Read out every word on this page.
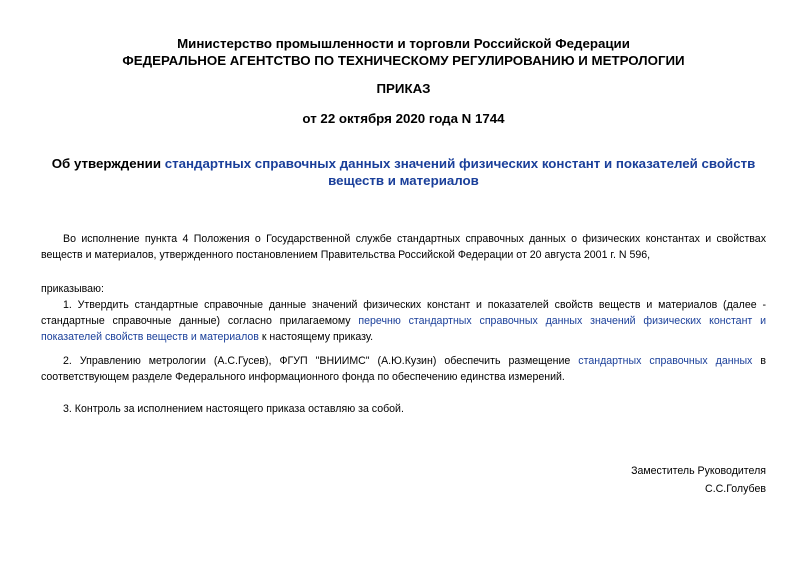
Министерство промышленности и торговли Российской Федерации
ФЕДЕРАЛЬНОЕ АГЕНТСТВО ПО ТЕХНИЧЕСКОМУ РЕГУЛИРОВАНИЮ И МЕТРОЛОГИИ
ПРИКАЗ
от 22 октября 2020 года N 1744
Об утверждении стандартных справочных данных значений физических констант и показателей свойств веществ и материалов
Во исполнение пункта 4 Положения о Государственной службе стандартных справочных данных о физических константах и свойствах веществ и материалов, утвержденного постановлением Правительства Российской Федерации от 20 августа 2001 г. N 596,
приказываю:
1. Утвердить стандартные справочные данные значений физических констант и показателей свойств веществ и материалов (далее - стандартные справочные данные) согласно прилагаемому перечню стандартных справочных данных значений физических констант и показателей свойств веществ и материалов к настоящему приказу.
2. Управлению метрологии (А.С.Гусев), ФГУП "ВНИИМС" (А.Ю.Кузин) обеспечить размещение стандартных справочных данных в соответствующем разделе Федерального информационного фонда по обеспечению единства измерений.
3. Контроль за исполнением настоящего приказа оставляю за собой.
Заместитель Руководителя
С.С.Голубев
